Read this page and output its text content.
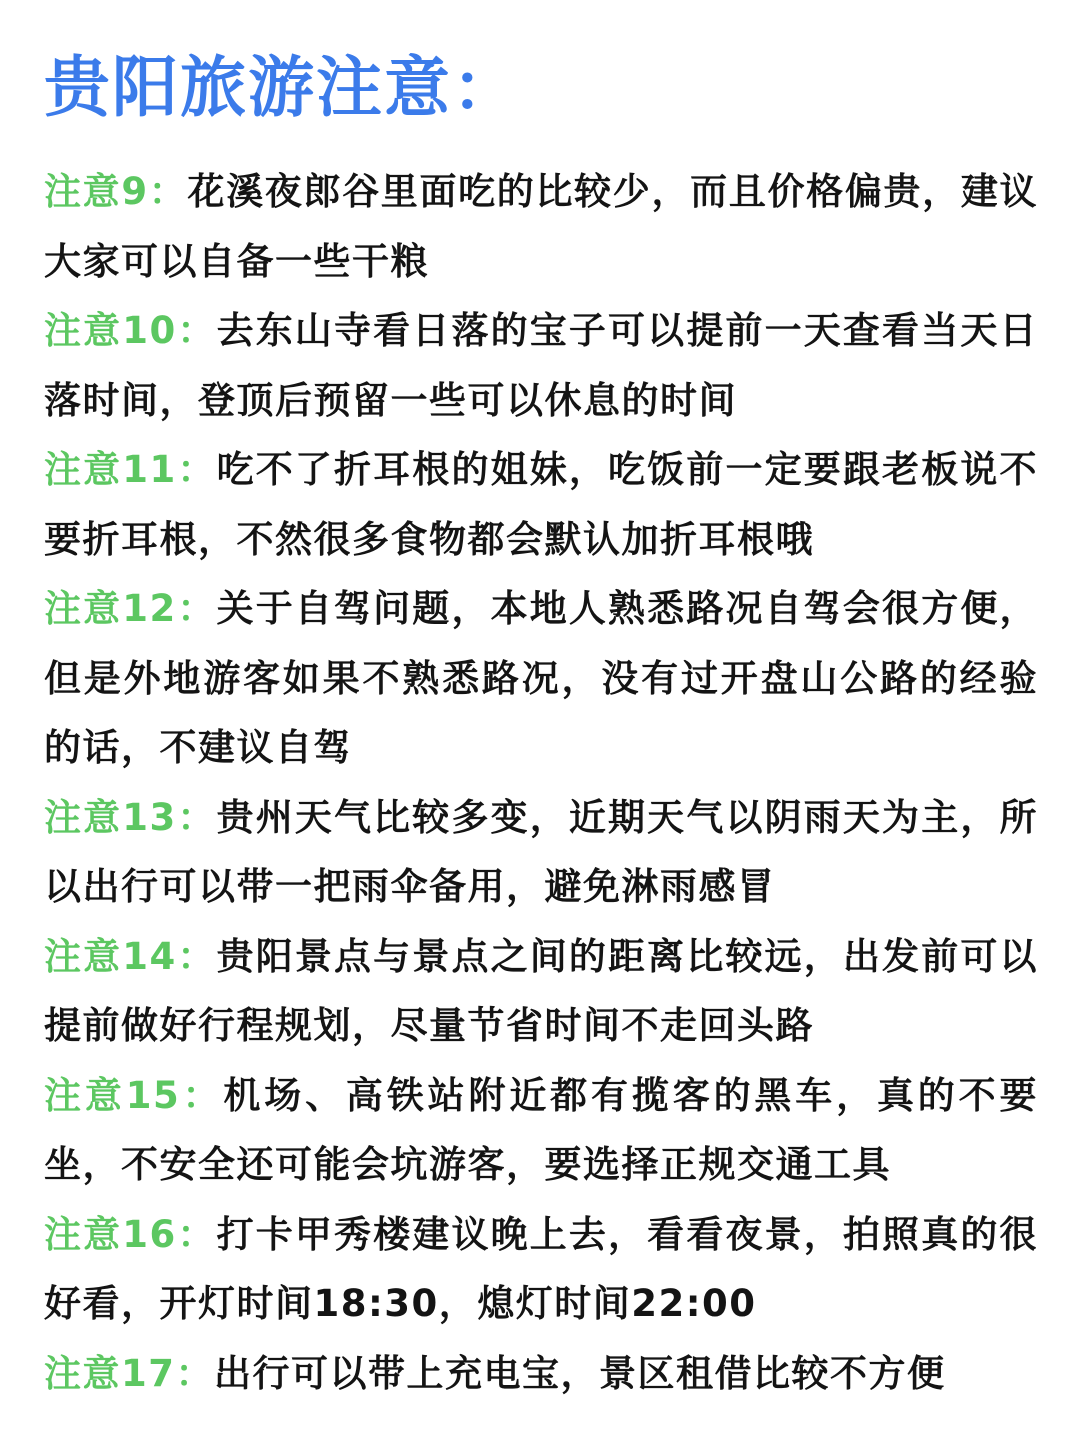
贵阳旅游注意：
注意9：花溪夜郎谷里面吃的比较少，而且价格偏贵，建议大家可以自备一些干粮
注意10：去东山寺看日落的宝子可以提前一天查看当天日落时间，登顶后预留一些可以休息的时间
注意11：吃不了折耳根的姐妹，吃饭前一定要跟老板说不要折耳根，不然很多食物都会默认加折耳根哦
注意12：关于自驾问题，本地人熟悉路况自驾会很方便，但是外地游客如果不熟悉路况，没有过开盘山公路的经验的话，不建议自驾
注意13：贵州天气比较多变，近期天气以阴雨天为主，所以出行可以带一把雨伞备用，避免淋雨感冒
注意14：贵阳景点与景点之间的距离比较远，出发前可以提前做好行程规划，尽量节省时间不走回头路
注意15：机场、高铁站附近都有揽客的黑车，真的不要坐，不安全还可能会坑游客，要选择正规交通工具
注意16：打卡甲秀楼建议晚上去，看看夜景，拍照真的很好看，开灯时间18:30，熄灯时间22:00
注意17：出行可以带上充电宝，景区租借比较不方便
